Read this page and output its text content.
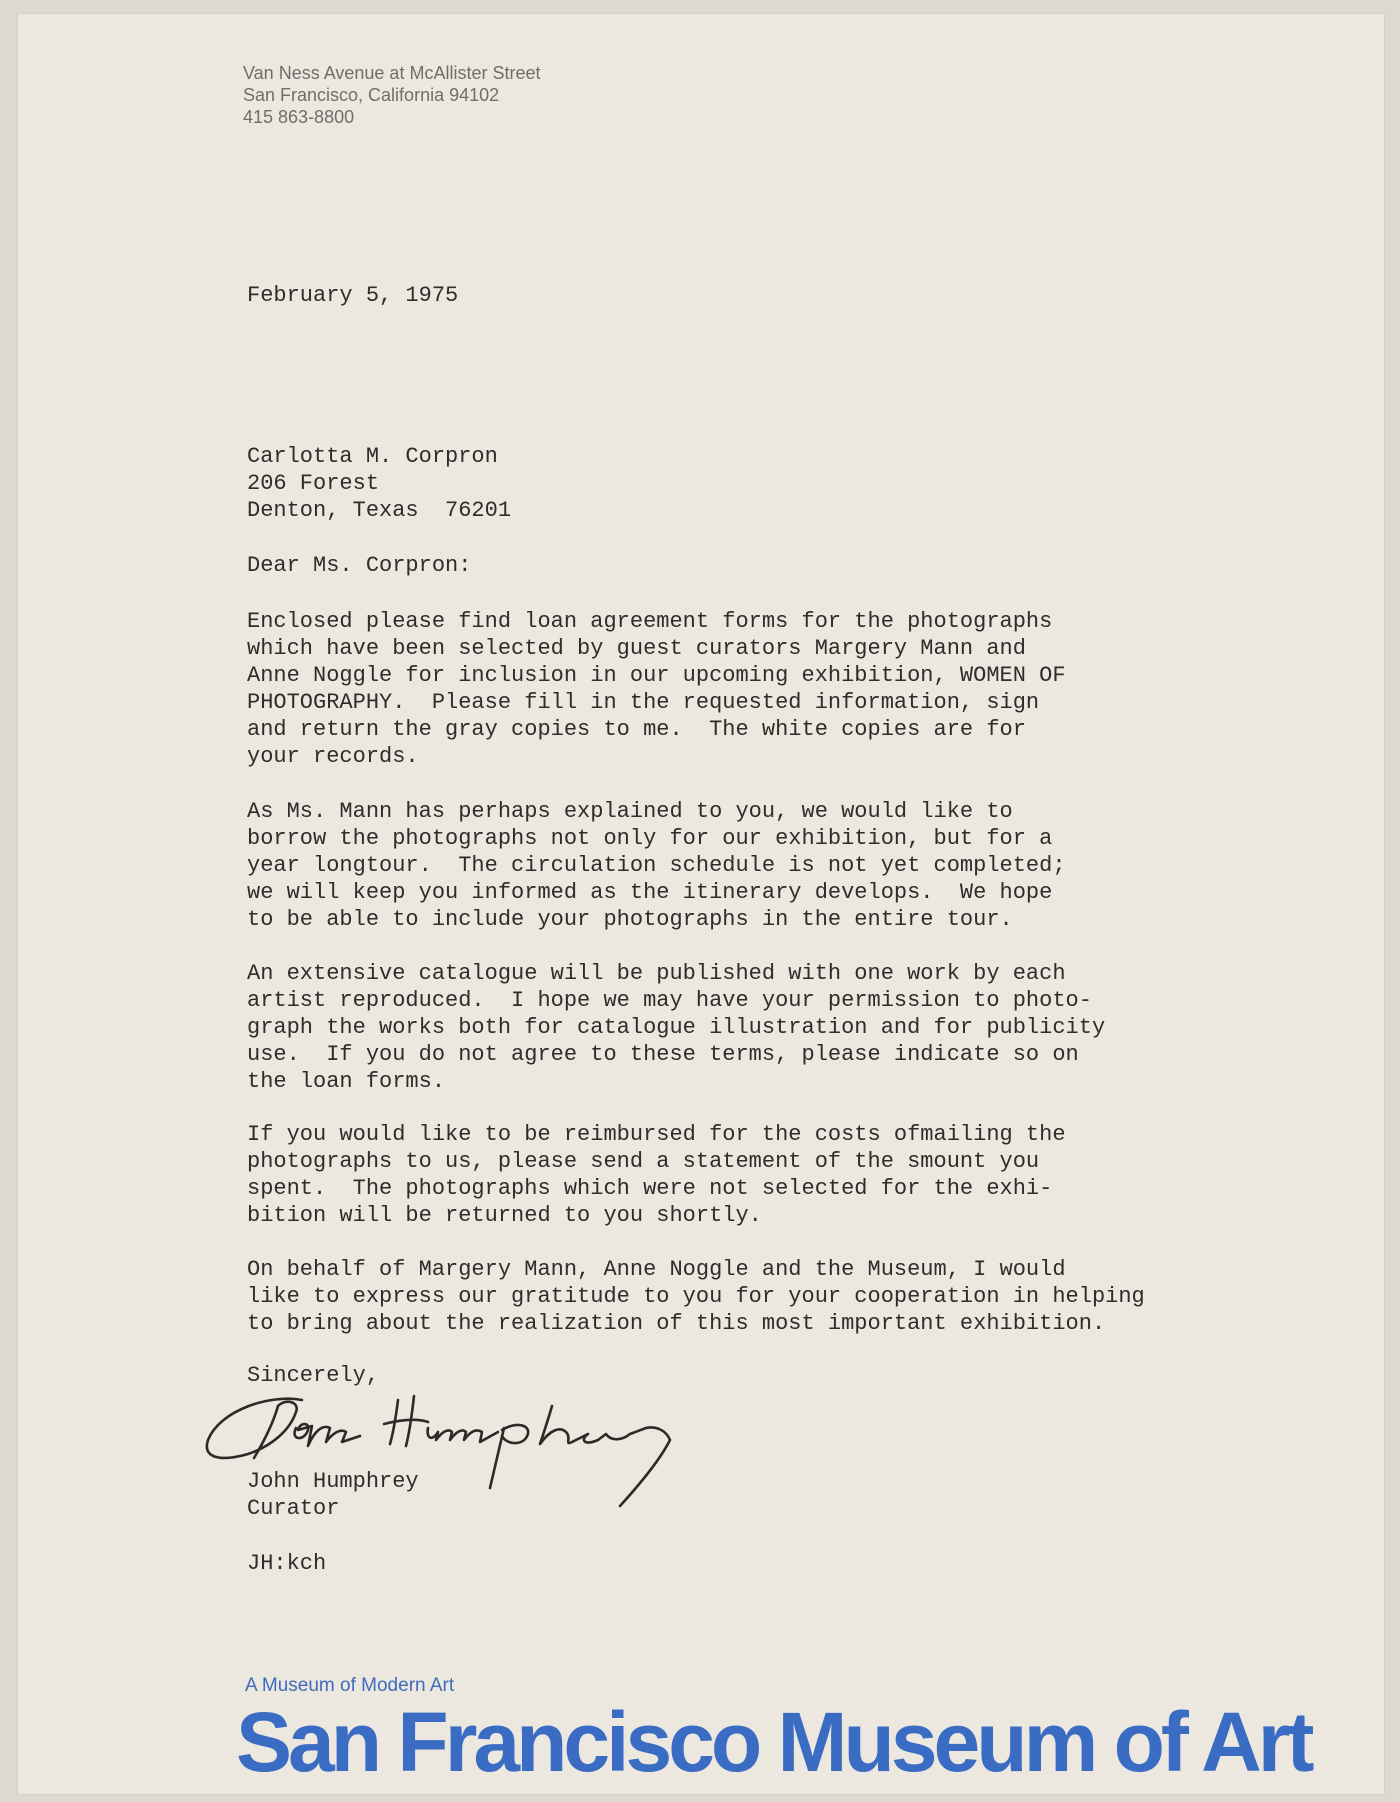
Van Ness Avenue at McAllister Street
San Francisco, California 94102
415 863-8800
February 5, 1975
Carlotta M. Corpron
206 Forest
Denton, Texas  76201
Dear Ms. Corpron:
Enclosed please find loan agreement forms for the photographs
which have been selected by guest curators Margery Mann and
Anne Noggle for inclusion in our upcoming exhibition, WOMEN OF
PHOTOGRAPHY.  Please fill in the requested information, sign
and return the gray copies to me.  The white copies are for
your records.
As Ms. Mann has perhaps explained to you, we would like to
borrow the photographs not only for our exhibition, but for a
year longtour.  The circulation schedule is not yet completed;
we will keep you informed as the itinerary develops.  We hope
to be able to include your photographs in the entire tour.
An extensive catalogue will be published with one work by each
artist reproduced.  I hope we may have your permission to photo-
graph the works both for catalogue illustration and for publicity
use.  If you do not agree to these terms, please indicate so on
the loan forms.
If you would like to be reimbursed for the costs ofmailing the
photographs to us, please send a statement of the smount you
spent.  The photographs which were not selected for the exhi-
bition will be returned to you shortly.
On behalf of Margery Mann, Anne Noggle and the Museum, I would
like to express our gratitude to you for your cooperation in helping
to bring about the realization of this most important exhibition.
Sincerely,
John Humphrey
Curator
JH:kch
A Museum of Modern Art
San Francisco Museum of Art
